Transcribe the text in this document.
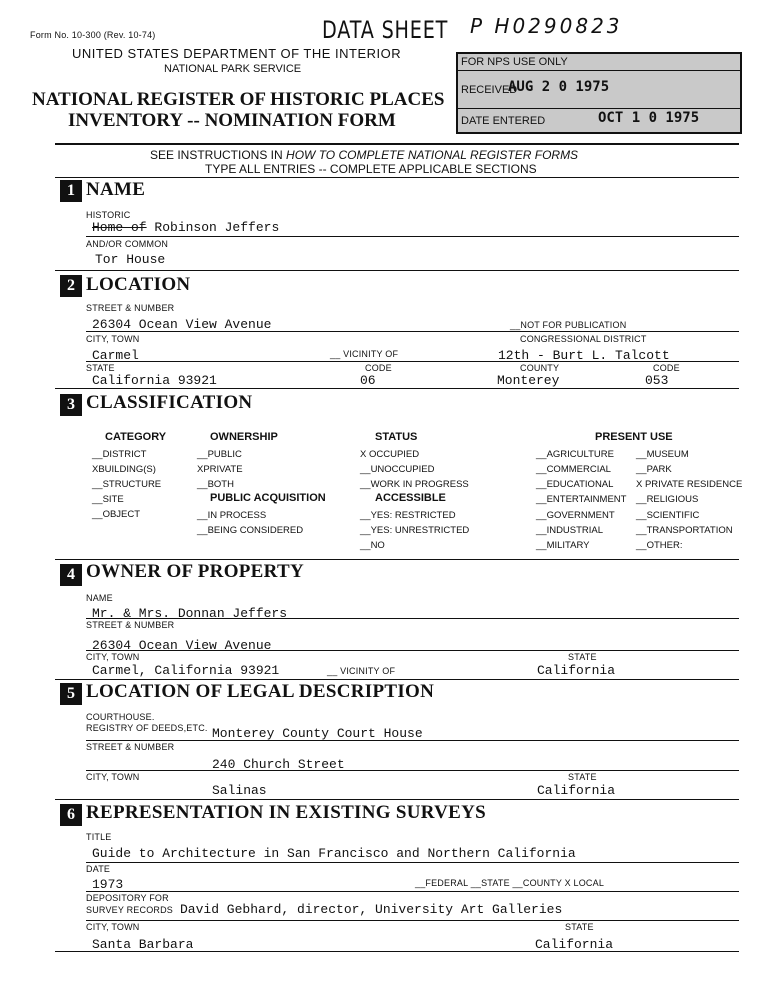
Form No. 10-300 (Rev. 10-74)
UNITED STATES DEPARTMENT OF THE INTERIOR
NATIONAL PARK SERVICE
NATIONAL REGISTER OF HISTORIC PLACES
INVENTORY -- NOMINATION FORM
DATA SHEET P H0290823
FOR NPS USE ONLY
RECEIVED
AUG 2 0 1975
DATE ENTERED	OCT 1 0 1975
SEE INSTRUCTIONS IN HOW TO COMPLETE NATIONAL REGISTER FORMS
TYPE ALL ENTRIES -- COMPLETE APPLICABLE SECTIONS
1 NAME
HISTORIC
Home of Robinson Jeffers
AND/OR COMMON
Tor House
2 LOCATION
STREET & NUMBER
26304 Ocean View Avenue	__NOT FOR PUBLICATION
CITY, TOWN	CONGRESSIONAL DISTRICT
Carmel	__ VICINITY OF	12th - Burt L. Talcott
STATE	CODE	COUNTY	CODE
California 93921	06	Monterey	053
3 CLASSIFICATION
CATEGORY
__DISTRICT
XBUILDING(S)
__STRUCTURE
__SITE
__OBJECT
OWNERSHIP
__PUBLIC
XPRIVATE
__BOTH
PUBLIC ACQUISITION
__IN PROCESS
__BEING CONSIDERED
STATUS
X OCCUPIED
__UNOCCUPIED
__WORK IN PROGRESS
ACCESSIBLE
__YES: RESTRICTED
__YES: UNRESTRICTED
__NO
PRESENT USE
__AGRICULTURE
__COMMERCIAL
__EDUCATIONAL
__ENTERTAINMENT
__GOVERNMENT
__INDUSTRIAL
__MILITARY
__MUSEUM
__PARK
X PRIVATE RESIDENCE
__RELIGIOUS
__SCIENTIFIC
__TRANSPORTATION
__OTHER:
4 OWNER OF PROPERTY
NAME
Mr. & Mrs. Donnan Jeffers
STREET & NUMBER
26304 Ocean View Avenue
CITY, TOWN	STATE
Carmel, California 93921	__ VICINITY OF	California
5 LOCATION OF LEGAL DESCRIPTION
COURTHOUSE.
REGISTRY OF DEEDS,ETC. Monterey County Court House
STREET & NUMBER
240 Church Street
CITY, TOWN	STATE
Salinas	California
6 REPRESENTATION IN EXISTING SURVEYS
TITLE
Guide to Architecture in San Francisco and Northern California
DATE
1973	__FEDERAL __STATE __COUNTY X LOCAL
DEPOSITORY FOR
SURVEY RECORDS David Gebhard, director, University Art Galleries
CITY, TOWN	STATE
Santa Barbara	California
